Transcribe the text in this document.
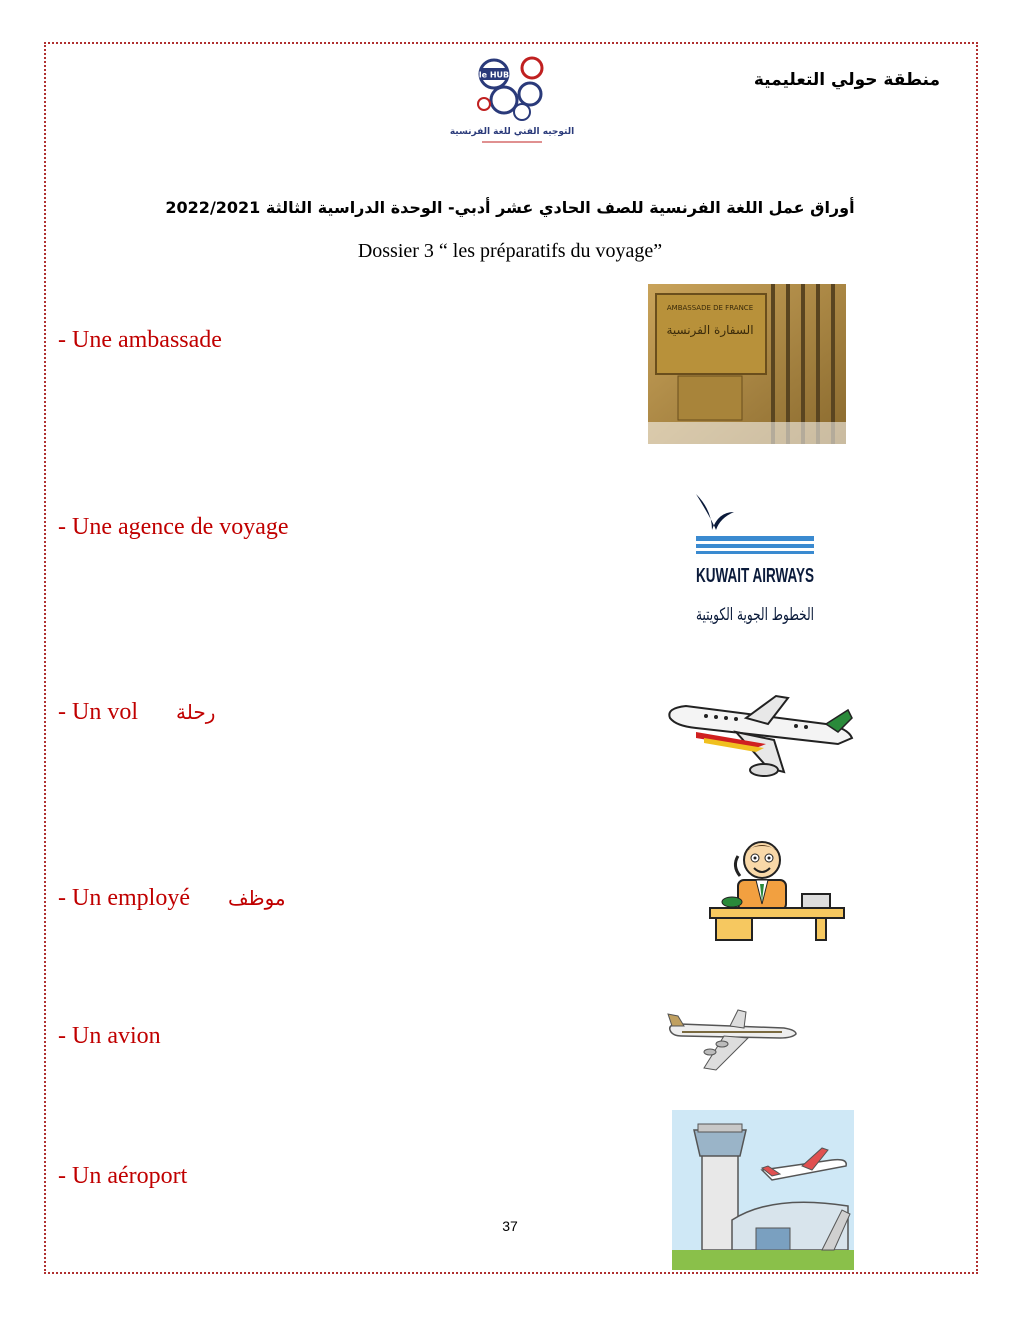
منطقة حولي التعليمية
le HUB
التوجيه الفني للغة الفرنسية
أوراق عمل اللغة الفرنسية للصف الحادي عشر أدبي- الوحدة الدراسية الثالثة 2022/2021
Dossier 3 “ les préparatifs du voyage”
- Une ambassade
- Une agence de voyage
- Un vol رحلة
- Un employé موظف
- Un avion
- Un aéroport
AMBASSADE DE FRANCE
السفارة الفرنسية
KUWAIT AIRWAYS
الخطوط الجوية الكويتية
37
